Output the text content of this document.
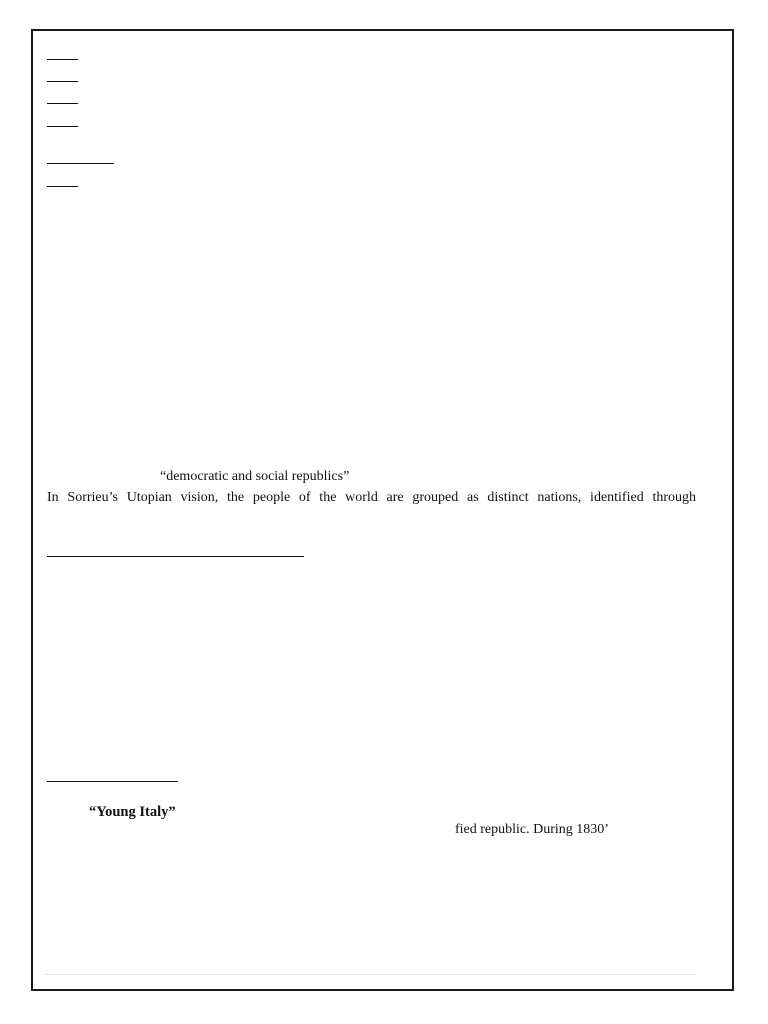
“democratic and social republics”
In Sorrieu’s Utopian vision, the people of the world are grouped as distinct nations, identified through
“Young Italy”
fied republic. During 1830’
